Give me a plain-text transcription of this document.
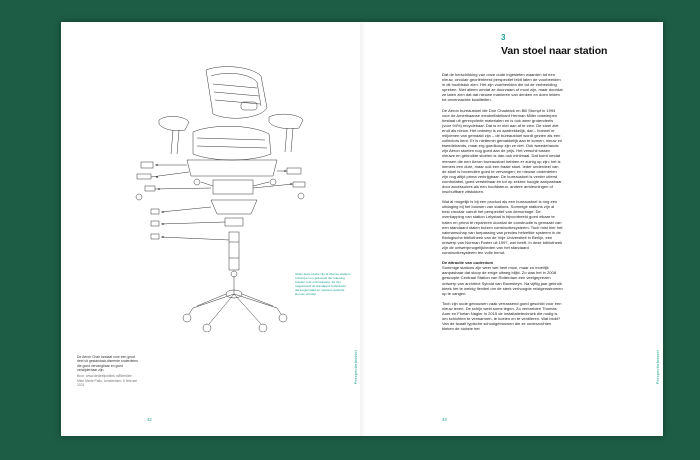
De Aeron Chair bestaat voor een groot deel uit gestandaar-diseerde onderdelen die goed vervangbaar en goed verwijderbaar zijn.
Bron: www.dedeelpolitiek.nl/Bemiller; Mike Marie Pallo, Amsterdam, 6 februari 2021
Sinds deze studie zijn al diverse stations ontworpen en gebouwd die rekening houden met ontmanteling. Ze zijn opgebouwd uit standaard onderdelen die losgemaakt en opnieuw gebruikt kunnen worden.
Perspectiefwissel
42
3
Van stoel naar station

Dat de herschikking van onze oude ingesleten waarden tot een nieuw, circulair georiënteerd perspectief leidt laten de voorbeelden in dit hoofdstuk zien. Het zijn voorbeelden die tot de verbeelding spreken. Niet alleen omdat ze duurzaam of mooi zijn, maar doordat ze laten zien dat dat nieuwe manieren van denken en doen leiden tot onverwachte kwaliteiten.

De Aeron bureaustoel die Don Chadwick en Bill Stumpf in 1994 voor de Amerikaanse meubelfabrikant Herman Miller ontwierpen bestaat uit gerecyclede materialen en is ook weer grotendeels (voor 94%) recyclebaar. Dat is er niet aan af te zien. De stoel ziet eruit als nieuw. Het ontwerp is zo aantrekkelijk, dat – hoewel er miljoenen van gemaakt zijn – de bureaustoel wordt gezien als een collectors item. Er is niettemin gemakkelijk aan te komen, nieuw en tweedehands, maar erg goedkoop zijn ze niet. Ook tweedehands zijn Aeron stoelen nog goed aan de prijs. Het verschil tussen nieuwe en gebruikte stoelen is dan ook minimaal. Dat komt omdat mensen die een Aeron bureaustoel hebben er zuinig op zijn; het is immers een dure, maar ook een fraaie stoel. Ieder onderdeel van de stoel is bovendien goed te vervangen; en nieuwe onderdelen zijn nog altijd prima verkrijgbaar. De bureaustoel is verder uiterst comfortabel, goed verstelbaar en tot op zekere hoogte aanpasbaar door accessoires als een hoofdsteun, andere armleuningen of inschuifbare zitstukken.

Wat al mogelijk is bij een product als een bureaustoel is nog een uitdaging bij het bouwen van stations. Sommige stations zijn al best circulair vanuit het perspectief van demontage. De overkapping van station Lelystad is bijvoorbeeld goed elkaar te halen en prima te repareren doordat de constructie is gemaakt van een standaard stalen buizen constructiesysteem. Toch mist hier het vakmanschap van toepassing van precies hetzelfde systeem in de Biologische bibliotheek van de Vrije Universiteit in Berlijn, een ontwerp van Norman Foster uit 1997, wel heeft. In deze bibliotheek zijn de ontwerpmogelijkheden van het standaard constructiesysteem ten volle benut.

De attractie van ouderdom

Sommige stations zijn weer wel heel mooi, maar zo moeilijk aanpasbaar dat sloop de enige uitweg blijkt. Zo was het in 2008 gesloopte Centraal Station van Rotterdam een veelgeprezen ontwerp van architect Sybold van Ravesteyn. Na vijftig jaar gebruik bleek het te weinig flexibel om de sterk verhoogde reizigersstromen op te vangen.

Toch zijn oude gebouwen vaak verrassend goed geschikt voor een nieuw leven. De schijn wekt soms tegen. Zo verbreiden Thomas Auer en Florian Nagler in 2015 de installatietechniek die nodig is om schichten te verwarmen, te koelen en te ventileren. Wat blokt? Van de twaalf typische schoolgebouwen die ze onderzochten bleken de oudste het

Perspectiefwissel
43
